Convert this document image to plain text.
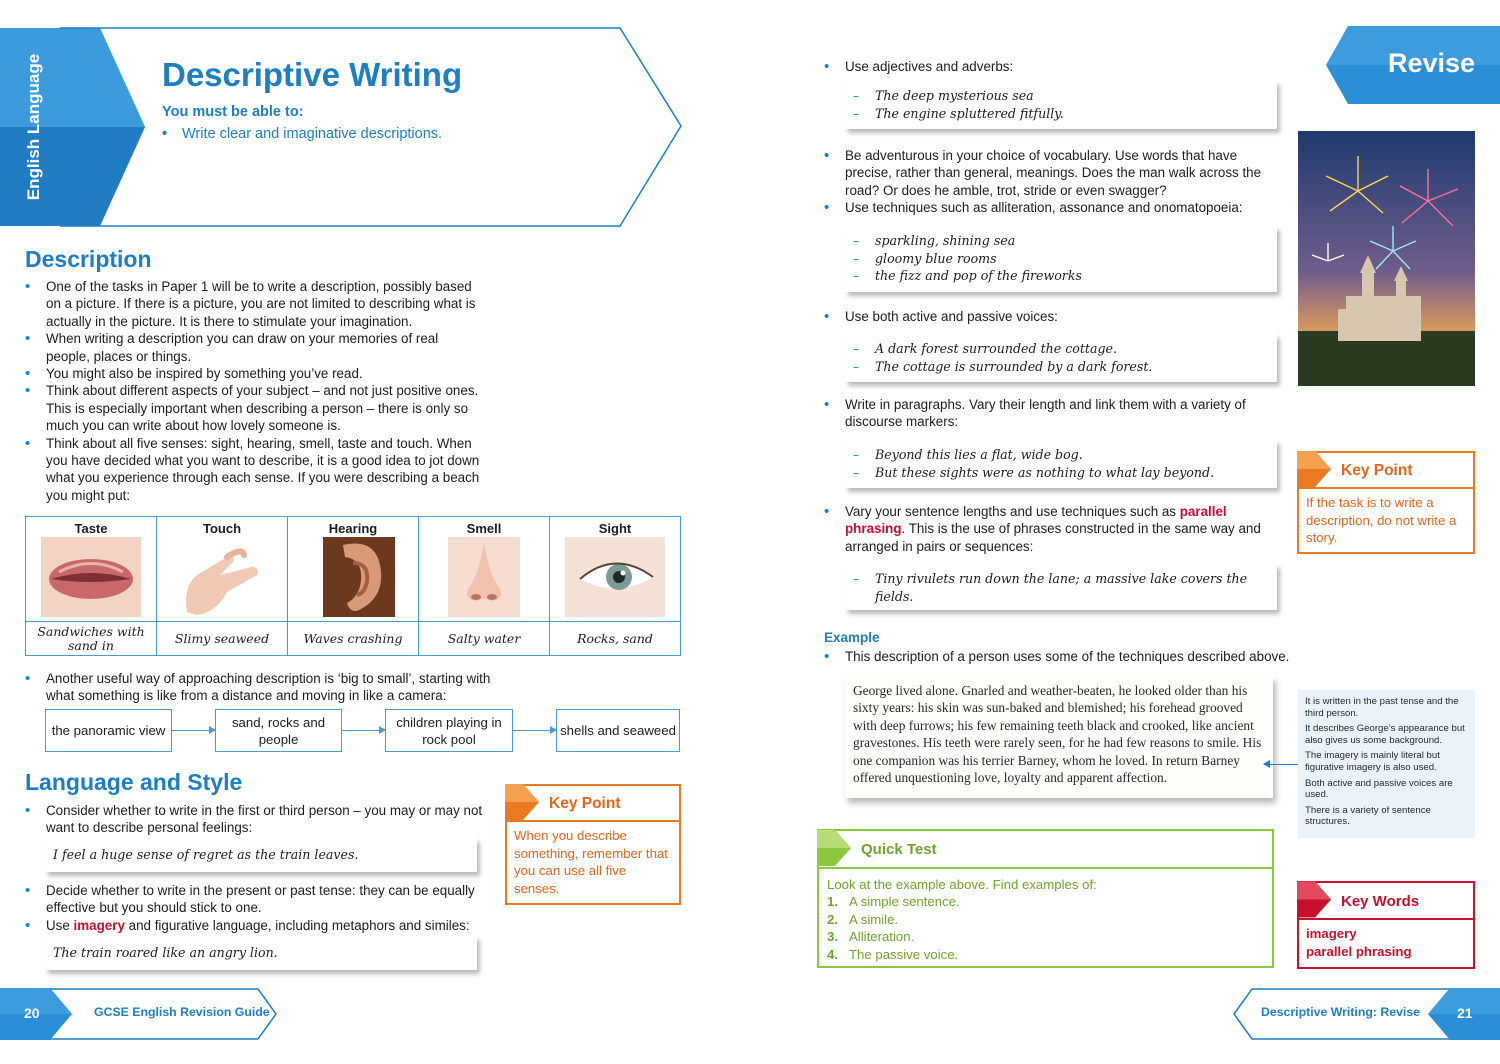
English Language	Descriptive Writing
You must be able to:
• Write clear and imaginative descriptions.
Description
• One of the tasks in Paper 1 will be to write a description, possibly based on a picture. If there is a picture, you are not limited to describing what is actually in the picture. It is there to stimulate your imagination.
• When writing a description you can draw on your memories of real people, places or things.
• You might also be inspired by something you’ve read.
• Think about different aspects of your subject – and not just positive ones. This is especially important when describing a person – there is only so much you can write about how lovely someone is.
• Think about all five senses: sight, hearing, smell, taste and touch. When you have decided what you want to describe, it is a good idea to jot down what you experience through each sense. If you were describing a beach you might put:
Taste	Touch	Hearing	Smell	Sight

Sandwiches with sand in	Slimy seaweed	Waves crashing	Salty water	Rocks, sand
• Another useful way of approaching description is ‘big to small’, starting with what something is like from a distance and moving in like a camera:
the panoramic view
sand, rocks and people
children playing in rock pool
shells and seaweed
Language and Style
• Consider whether to write in the first or third person – you may or may not want to describe personal feelings:
I feel a huge sense of regret as the train leaves.
• Decide whether to write in the present or past tense: they can be equally effective but you should stick to one.
• Use imagery and figurative language, including metaphors and similes:
The train roared like an angry lion.
Key Point
When you describe something, remember that you can use all five senses.
20	GCSE English Revision Guide
• Use adjectives and adverbs:
– The deep mysterious sea
– The engine spluttered fitfully.
• Be adventurous in your choice of vocabulary. Use words that have precise, rather than general, meanings. Does the man walk across the road? Or does he amble, trot, stride or even swagger?
• Use techniques such as alliteration, assonance and onomatopoeia:
– sparkling, shining sea
– gloomy blue rooms
– the fizz and pop of the fireworks
• Use both active and passive voices:
– A dark forest surrounded the cottage.
– The cottage is surrounded by a dark forest.
• Write in paragraphs. Vary their length and link them with a variety of discourse markers:
– Beyond this lies a flat, wide bog.
– But these sights were as nothing to what lay beyond.
• Vary your sentence lengths and use techniques such as parallel phrasing. This is the use of phrases constructed in the same way and arranged in pairs or sequences:
– Tiny rivulets run down the lane; a massive lake covers the fields.
Example
• This description of a person uses some of the techniques described above.
George lived alone. Gnarled and weather-beaten, he looked older than his sixty years: his skin was sun-baked and blemished; his forehead grooved with deep furrows; his few remaining teeth black and crooked, like ancient gravestones. His teeth were rarely seen, for he had few reasons to smile. His one companion was his terrier Barney, whom he loved. In return Barney offered unquestioning love, loyalty and apparent affection.

It is written in the past tense and the third person.

It describes George’s appearance but also gives us some background.

The imagery is mainly literal but figurative imagery is also used.

Both active and passive voices are used.

There is a variety of sentence structures.

Revise
Key Point
If the task is to write a description, do not write a story.
Quick Test
Look at the example above. Find examples of:
1. A simple sentence.
2. A simile.
3. Alliteration.
4. The passive voice.
Key Words
imagery
parallel phrasing
Descriptive Writing: Revise	21
